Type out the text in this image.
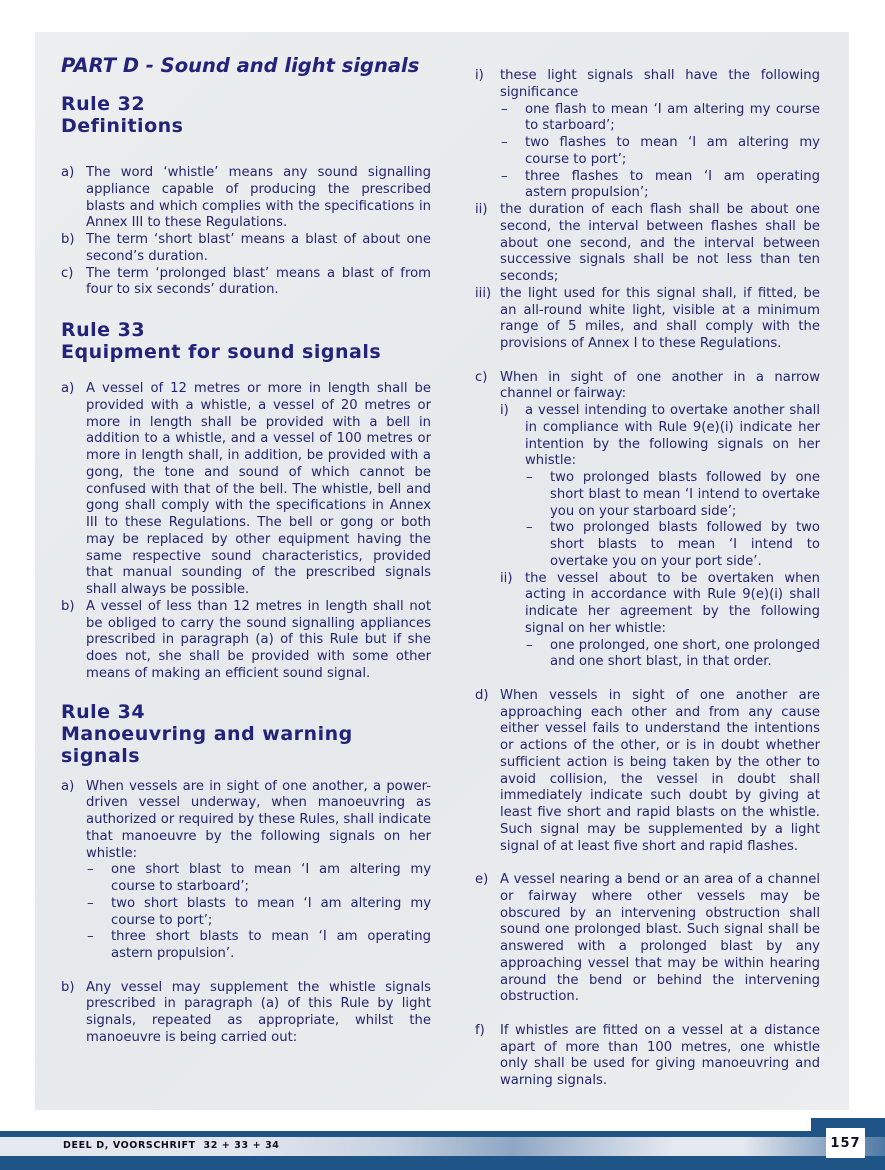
PART D - Sound and light signals
Rule 32
Definitions
a) The word ‘whistle’ means any sound signalling appliance capable of producing the prescribed blasts and which complies with the specifications in Annex III to these Regulations.
b) The term ‘short blast’ means a blast of about one second’s duration.
c) The term ‘prolonged blast’ means a blast of from four to six seconds’ duration.
Rule 33
Equipment for sound signals
a) A vessel of 12 metres or more in length shall be provided with a whistle, a vessel of 20 metres or more in length shall be provided with a bell in addition to a whistle, and a vessel of 100 metres or more in length shall, in addition, be provided with a gong, the tone and sound of which cannot be confused with that of the bell. The whistle, bell and gong shall comply with the specifications in Annex III to these Regulations. The bell or gong or both may be replaced by other equipment having the same respective sound characteristics, provided that manual sounding of the prescribed signals shall always be possible.
b) A vessel of less than 12 metres in length shall not be obliged to carry the sound signalling appliances prescribed in paragraph (a) of this Rule but if she does not, she shall be provided with some other means of making an efficient sound signal.
Rule 34
Manoeuvring and warning signals
a) When vessels are in sight of one another, a power-driven vessel underway, when manoeuvring as authorized or required by these Rules, shall indicate that manoeuvre by the following signals on her whistle:
– one short blast to mean ‘I am altering my course to starboard’;
– two short blasts to mean ‘I am altering my course to port’;
– three short blasts to mean ‘I am operating astern propulsion’.
b) Any vessel may supplement the whistle signals prescribed in paragraph (a) of this Rule by light signals, repeated as appropriate, whilst the manoeuvre is being carried out:
i) these light signals shall have the following significance
– one flash to mean ‘I am altering my course to starboard’;
– two flashes to mean ‘I am altering my course to port’;
– three flashes to mean ‘I am operating astern propulsion’;
ii) the duration of each flash shall be about one second, the interval between flashes shall be about one second, and the interval between successive signals shall be not less than ten seconds;
iii) the light used for this signal shall, if fitted, be an all-round white light, visible at a minimum range of 5 miles, and shall comply with the provisions of Annex I to these Regulations.
c) When in sight of one another in a narrow channel or fairway:
i) a vessel intending to overtake another shall in compliance with Rule 9(e)(i) indicate her intention by the following signals on her whistle:
– two prolonged blasts followed by one short blast to mean ‘I intend to overtake you on your starboard side’;
– two prolonged blasts followed by two short blasts to mean ‘I intend to overtake you on your port side’.
ii) the vessel about to be overtaken when acting in accordance with Rule 9(e)(i) shall indicate her agreement by the following signal on her whistle:
– one prolonged, one short, one prolonged and one short blast, in that order.
d) When vessels in sight of one another are approaching each other and from any cause either vessel fails to understand the intentions or actions of the other, or is in doubt whether sufficient action is being taken by the other to avoid collision, the vessel in doubt shall immediately indicate such doubt by giving at least five short and rapid blasts on the whistle. Such signal may be supplemented by a light signal of at least five short and rapid flashes.
e) A vessel nearing a bend or an area of a channel or fairway where other vessels may be obscured by an intervening obstruction shall sound one prolonged blast. Such signal shall be answered with a prolonged blast by any approaching vessel that may be within hearing around the bend or behind the intervening obstruction.
f) If whistles are fitted on a vessel at a distance apart of more than 100 metres, one whistle only shall be used for giving manoeuvring and warning signals.
DEEL D, VOORSCHRIFT  32 + 33 + 34	157
